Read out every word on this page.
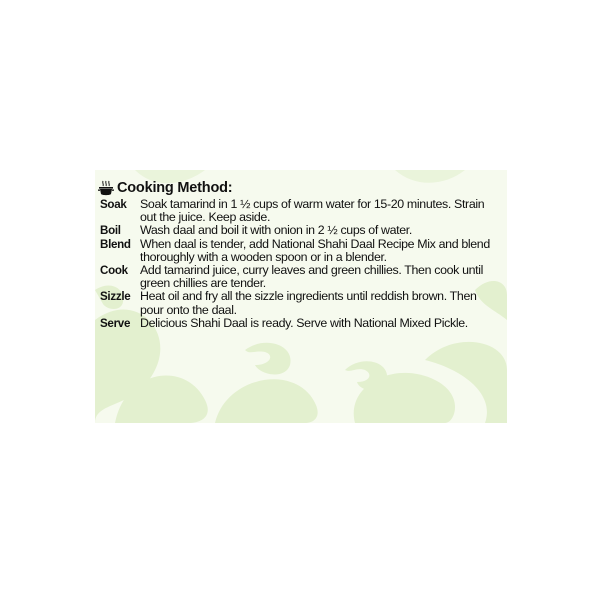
Cooking Method:
Soak	Soak tamarind in 1 ½ cups of warm water for 15-20 minutes. Strain out the juice. Keep aside.
Boil	Wash daal and boil it with onion in 2 ½ cups of water.
Blend When daal is tender, add National Shahi Daal Recipe Mix and blend thoroughly with a wooden spoon or in a blender.
Cook Add tamarind juice, curry leaves and green chillies. Then cook until green chillies are tender.
Sizzle Heat oil and fry all the sizzle ingredients until reddish brown. Then pour onto the daal.
Serve Delicious Shahi Daal is ready. Serve with National Mixed Pickle.
